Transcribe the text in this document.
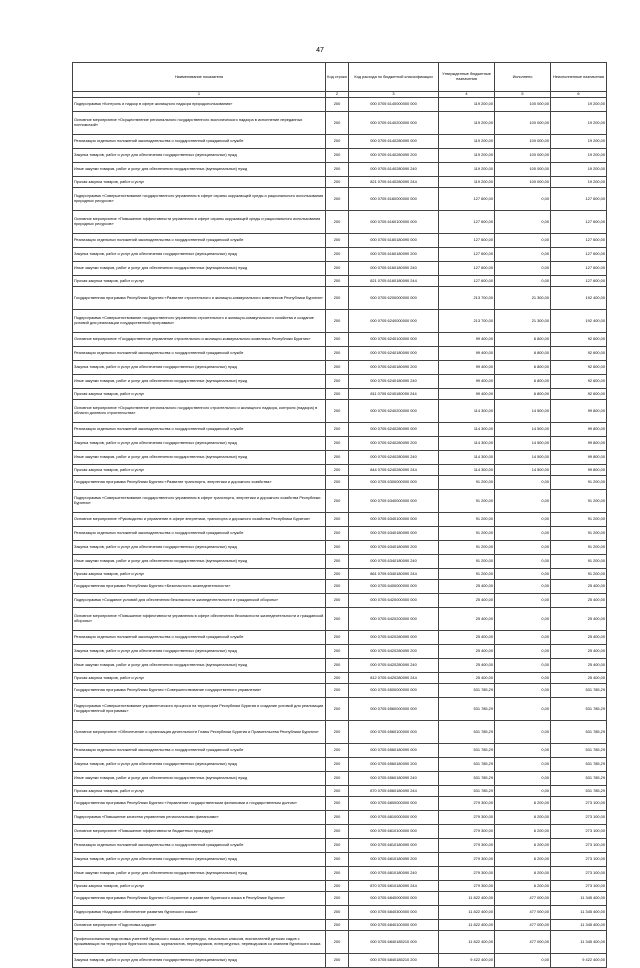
47
Наименование показателя	Код строки	Код расхода по бюджетной классификации	Утвержденные бюджетные назначения	Исполнено	Неисполненные назначения
1	2	3	4	5	6
Подпрограмма «Контроль и надзор в сфере жилищного надзора природопользования»	200	000 0705 6140000000 000	119 200,00	100 000,00	19 200,00
Основное мероприятие «Осуществление регионального государственного экологического надзора в исполнение переданных полномочий»	200	000 0705 6140200000 000	119 200,00	100 000,00	19 200,00
Реализация отдельных положений законодательства о государственной гражданской службе	200	000 0705 6140280090 000	119 200,00	100 000,00	19 200,00
Закупка товаров, работ и услуг для обеспечения государственных (муниципальных) нужд	200	000 0705 6140280090 200	119 200,00	100 000,00	19 200,00
Иные закупки товаров, работ и услуг для обеспечения государственных (муниципальных) нужд	200	000 0705 6140280090 240	119 200,00	100 000,00	19 200,00
Прочая закупка товаров, работ и услуг	200	821 0705 6140280090 244	119 200,00	100 000,00	19 200,00
Подпрограмма «Совершенствование государственного управления в сфере охраны окружающей среды и рационального использования природных ресурсов»	200	000 0705 6160000000 000	127 600,00	0,00	127 600,00
Основное мероприятие «Повышение эффективности управления в сфере охраны окружающей среды и рационального использования природных ресурсов»	200	000 0705 6160100000 000	127 600,00	0,00	127 600,00
Реализация отдельных положений законодательства о государственной гражданской службе	200	000 0705 6160180090 000	127 600,00	0,00	127 600,00
Закупка товаров, работ и услуг для обеспечения государственных (муниципальных) нужд	200	000 0705 6160180090 200	127 600,00	0,00	127 600,00
Иные закупки товаров, работ и услуг для обеспечения государственных (муниципальных) нужд	200	000 0705 6160180090 240	127 600,00	0,00	127 600,00
Прочая закупка товаров, работ и услуг	200	821 0705 6160180090 244	127 600,00	0,00	127 600,00
Государственная программа Республики Бурятия «Развитие строительного и жилищно-коммунального комплексов Республики Бурятия»	200	000 0705 6200000000 000	213 700,00	21 300,00	192 400,00
Подпрограмма «Совершенствование государственного управления строительного и жилищно-коммунального хозяйства и создание условий для реализации государственной программы»	200	000 0705 6240000000 000	213 700,00	21 300,00	192 400,00
Основное мероприятие «Государственное управление строительного и жилищно-коммунального комплекса Республики Бурятия»	200	000 0705 6240100000 000	99 400,00	6 800,00	92 600,00
Реализация отдельных положений законодательства о государственной гражданской службе	200	000 0705 6240180090 000	99 400,00	6 800,00	92 600,00
Закупка товаров, работ и услуг для обеспечения государственных (муниципальных) нужд	200	000 0705 6240180090 200	99 400,00	6 800,00	92 600,00
Иные закупки товаров, работ и услуг для обеспечения государственных (муниципальных) нужд	200	000 0705 6240180090 240	99 400,00	6 800,00	92 600,00
Прочая закупка товаров, работ и услуг	200	811 0705 6240180090 244	99 400,00	6 800,00	92 600,00
Основное мероприятие «Осуществление регионального государственного строительного и жилищного надзора, контроля (надзора) в области долевого строительства»	200	000 0705 6240200000 000	114 300,00	14 500,00	99 800,00
Реализация отдельных положений законодательства о государственной гражданской службе	200	000 0705 6240280090 000	114 300,00	14 500,00	99 800,00
Закупка товаров, работ и услуг для обеспечения государственных (муниципальных) нужд	200	000 0705 6240280090 200	114 300,00	14 500,00	99 800,00
Иные закупки товаров, работ и услуг для обеспечения государственных (муниципальных) нужд	200	000 0705 6240280090 240	114 300,00	14 500,00	99 800,00
Прочая закупка товаров, работ и услуг	200	844 0705 6240280090 244	114 300,00	14 500,00	99 800,00
Государственная программа Республики Бурятия «Развитие транспорта, энергетики и дорожного хозяйства»	200	000 0705 6300000000 000	91 200,00	0,00	91 200,00
Подпрограмма «Совершенствование государственного управления в сфере транспорта, энергетики и дорожного хозяйства Республики Бурятия»	200	000 0705 6340000000 000	91 200,00	0,00	91 200,00
Основное мероприятие «Руководство и управление в сфере энергетики, транспорта и дорожного хозяйства Республики Бурятия»	200	000 0705 6340100000 000	91 200,00	0,00	91 200,00
Реализация отдельных положений законодательства о государственной гражданской службе	200	000 0705 6340180090 000	91 200,00	0,00	91 200,00
Закупка товаров, работ и услуг для обеспечения государственных (муниципальных) нужд	200	000 0705 6340180090 200	91 200,00	0,00	91 200,00
Иные закупки товаров, работ и услуг для обеспечения государственных (муниципальных) нужд	200	000 0705 6340180090 240	91 200,00	0,00	91 200,00
Прочая закупка товаров, работ и услуг	200	861 0705 6340180090 244	91 200,00	0,00	91 200,00
Государственная программа Республики Бурятия «Безопасность жизнедеятельности»	200	000 0705 6400000000 000	25 400,00	0,00	25 400,00
Подпрограмма «Создание условий для обеспечения безопасности жизнедеятельности и гражданской обороны»	200	000 0705 6420000000 000	25 400,00	0,00	25 400,00
Основное мероприятие «Повышение эффективности управления в сфере обеспечения безопасности жизнедеятельности и гражданской обороны»	200	000 0705 6420200000 000	25 400,00	0,00	25 400,00
Реализация отдельных положений законодательства о государственной гражданской службе	200	000 0705 6420280090 000	25 400,00	0,00	25 400,00
Закупка товаров, работ и услуг для обеспечения государственных (муниципальных) нужд	200	000 0705 6420280090 200	25 400,00	0,00	25 400,00
Иные закупки товаров, работ и услуг для обеспечения государственных (муниципальных) нужд	200	000 0705 6420280090 240	25 400,00	0,00	25 400,00
Прочая закупка товаров, работ и услуг	200	812 0705 6420280090 244	25 400,00	0,00	25 400,00
Государственная программа Республики Бурятия «Совершенствование государственного управления»	200	000 0705 6500000000 000	531 785,29	0,00	531 785,29
Подпрограмма «Совершенствование управленческого процесса на территории Республики Бурятия и создание условий для реализации Государственной программы»	200	000 0705 6560000000 000	531 785,29	0,00	531 785,29
Основное мероприятие «Обеспечение и организация деятельности Главы Республики Бурятия и Правительства Республики Бурятия»	200	000 0705 6560100000 000	531 785,29	0,00	531 785,29
Реализация отдельных положений законодательства о государственной гражданской службе	200	000 0705 6560180090 000	531 785,29	0,00	531 785,29
Закупка товаров, работ и услуг для обеспечения государственных (муниципальных) нужд	200	000 0705 6560180090 200	531 785,29	0,00	531 785,29
Иные закупки товаров, работ и услуг для обеспечения государственных (муниципальных) нужд	200	000 0705 6560180090 240	531 785,29	0,00	531 785,29
Прочая закупка товаров, работ и услуг	200	870 0705 6560180090 244	531 785,29	0,00	531 785,29
Государственная программа Республики Бурятия «Управление государственными финансами и государственным долгом»	200	000 0705 6800000000 000	279 300,00	6 200,00	273 100,00
Подпрограмма «Повышение качества управления региональными финансами»	200	000 0705 6810000000 000	279 300,00	6 200,00	273 100,00
Основное мероприятие «Повышение эффективности бюджетных процедур»	200	000 0705 6810100000 000	279 300,00	6 200,00	273 100,00
Реализация отдельных положений законодательства о государственной гражданской службе	200	000 0705 6810180090 000	279 300,00	6 200,00	273 100,00
Закупка товаров, работ и услуг для обеспечения государственных (муниципальных) нужд	200	000 0705 6810180090 200	279 300,00	6 200,00	273 100,00
Иные закупки товаров, работ и услуг для обеспечения государственных (муниципальных) нужд	200	000 0705 6810180090 240	279 300,00	6 200,00	273 100,00
Прочая закупка товаров, работ и услуг	200	870 0705 6810180090 244	279 300,00	6 200,00	273 100,00
Государственная программа Республики Бурятия «Сохранение и развитие бурятского языка в Республике Бурятия»	200	000 0705 6840000000 000	11 822 400,00	477 000,00	11 345 400,00
Подпрограмма «Кадровое обеспечение развития бурятского языка»	200	000 0705 6840300000 000	11 822 400,00	477 000,00	11 345 400,00
Основное мероприятие «Подготовка кадров»	200	000 0705 6840100000 000	11 822 400,00	477 000,00	11 345 400,00
Профессиональная подготовка учителей бурятского языка и литературы, начальных классов, воспитателей детских садов с проживающих на территории бурятского языка, журналистов, переводчиков, литературных, переводчиков со знанием бурятского языка	200	000 0705 6840185210 000	11 822 400,00	477 000,00	11 345 400,00
Закупка товаров, работ и услуг для обеспечения государственных (муниципальных) нужд	200	000 0705 6840185210 200	9 422 400,00	0,00	9 422 400,00
